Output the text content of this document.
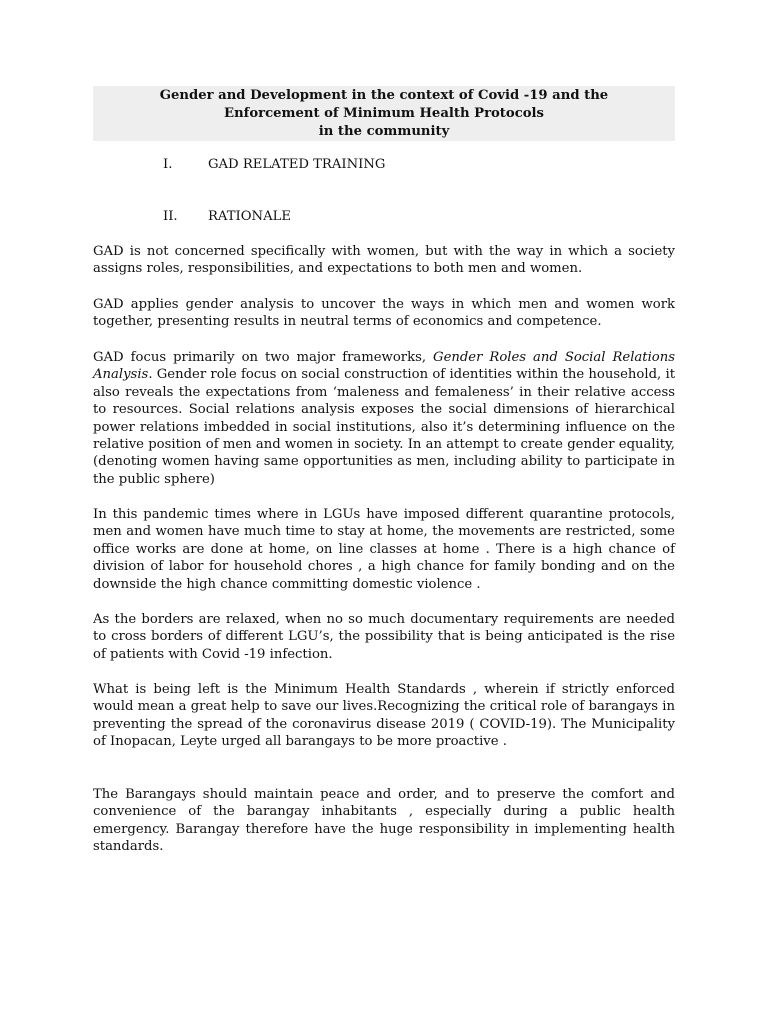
Gender and Development in the context of Covid -19 and the
Enforcement of Minimum Health Protocols
in the community
I.	GAD RELATED TRAINING
II. RATIONALE

GAD is not concerned specifically with women, but with the way in which a society assigns roles, responsibilities, and expectations to both men and women.

GAD applies gender analysis to uncover the ways in which men and women work together, presenting results in neutral terms of economics and competence.

GAD focus primarily on two major frameworks, Gender Roles and Social Relations Analysis. Gender role focus on social construction of identities within the household, it also reveals the expectations from ‘maleness and femaleness’ in their relative access to resources. Social relations analysis exposes the social dimensions of hierarchical power relations imbedded in social institutions, also it’s determining influence on the relative position of men and women in society. In an attempt to create gender equality, (denoting women having same opportunities as men, including ability to participate in the public sphere)

In this pandemic times where in LGUs have imposed different quarantine protocols, men and women have much time to stay at home, the movements are restricted, some office works are done at home, on line classes at home . There is a high chance of division of labor for household chores , a high chance for family bonding and on the downside the high chance committing domestic violence .

As the borders are relaxed, when no so much documentary requirements are needed to cross borders of different LGU’s, the possibility that is being anticipated is the rise of patients with Covid -19 infection.

What is being left is the Minimum Health Standards , wherein if strictly enforced would mean a great help to save our lives.Recognizing the critical role of barangays in preventing the spread of the coronavirus disease 2019 ( COVID-19). The Municipality of Inopacan, Leyte urged all barangays to be more proactive .

The Barangays should maintain peace and order, and to preserve the comfort and convenience of the barangay inhabitants , especially during a public health emergency. Barangay therefore have the huge responsibility in implementing health standards.
